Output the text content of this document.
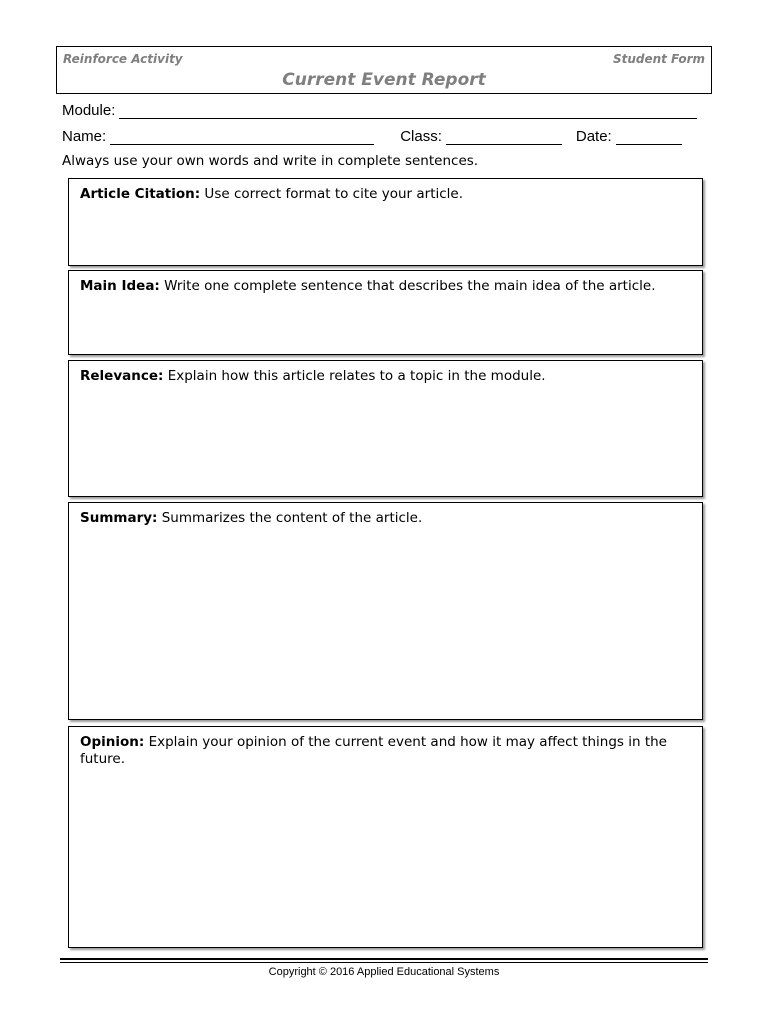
Reinforce Activity	Student Form
Current Event Report
Module:
Name:	Class:	Date:
Always use your own words and write in complete sentences.
Article Citation: Use correct format to cite your article.
Main Idea: Write one complete sentence that describes the main idea of the article.
Relevance: Explain how this article relates to a topic in the module.
Summary: Summarizes the content of the article.
Opinion: Explain your opinion of the current event and how it may affect things in the future.
Copyright © 2016 Applied Educational Systems
